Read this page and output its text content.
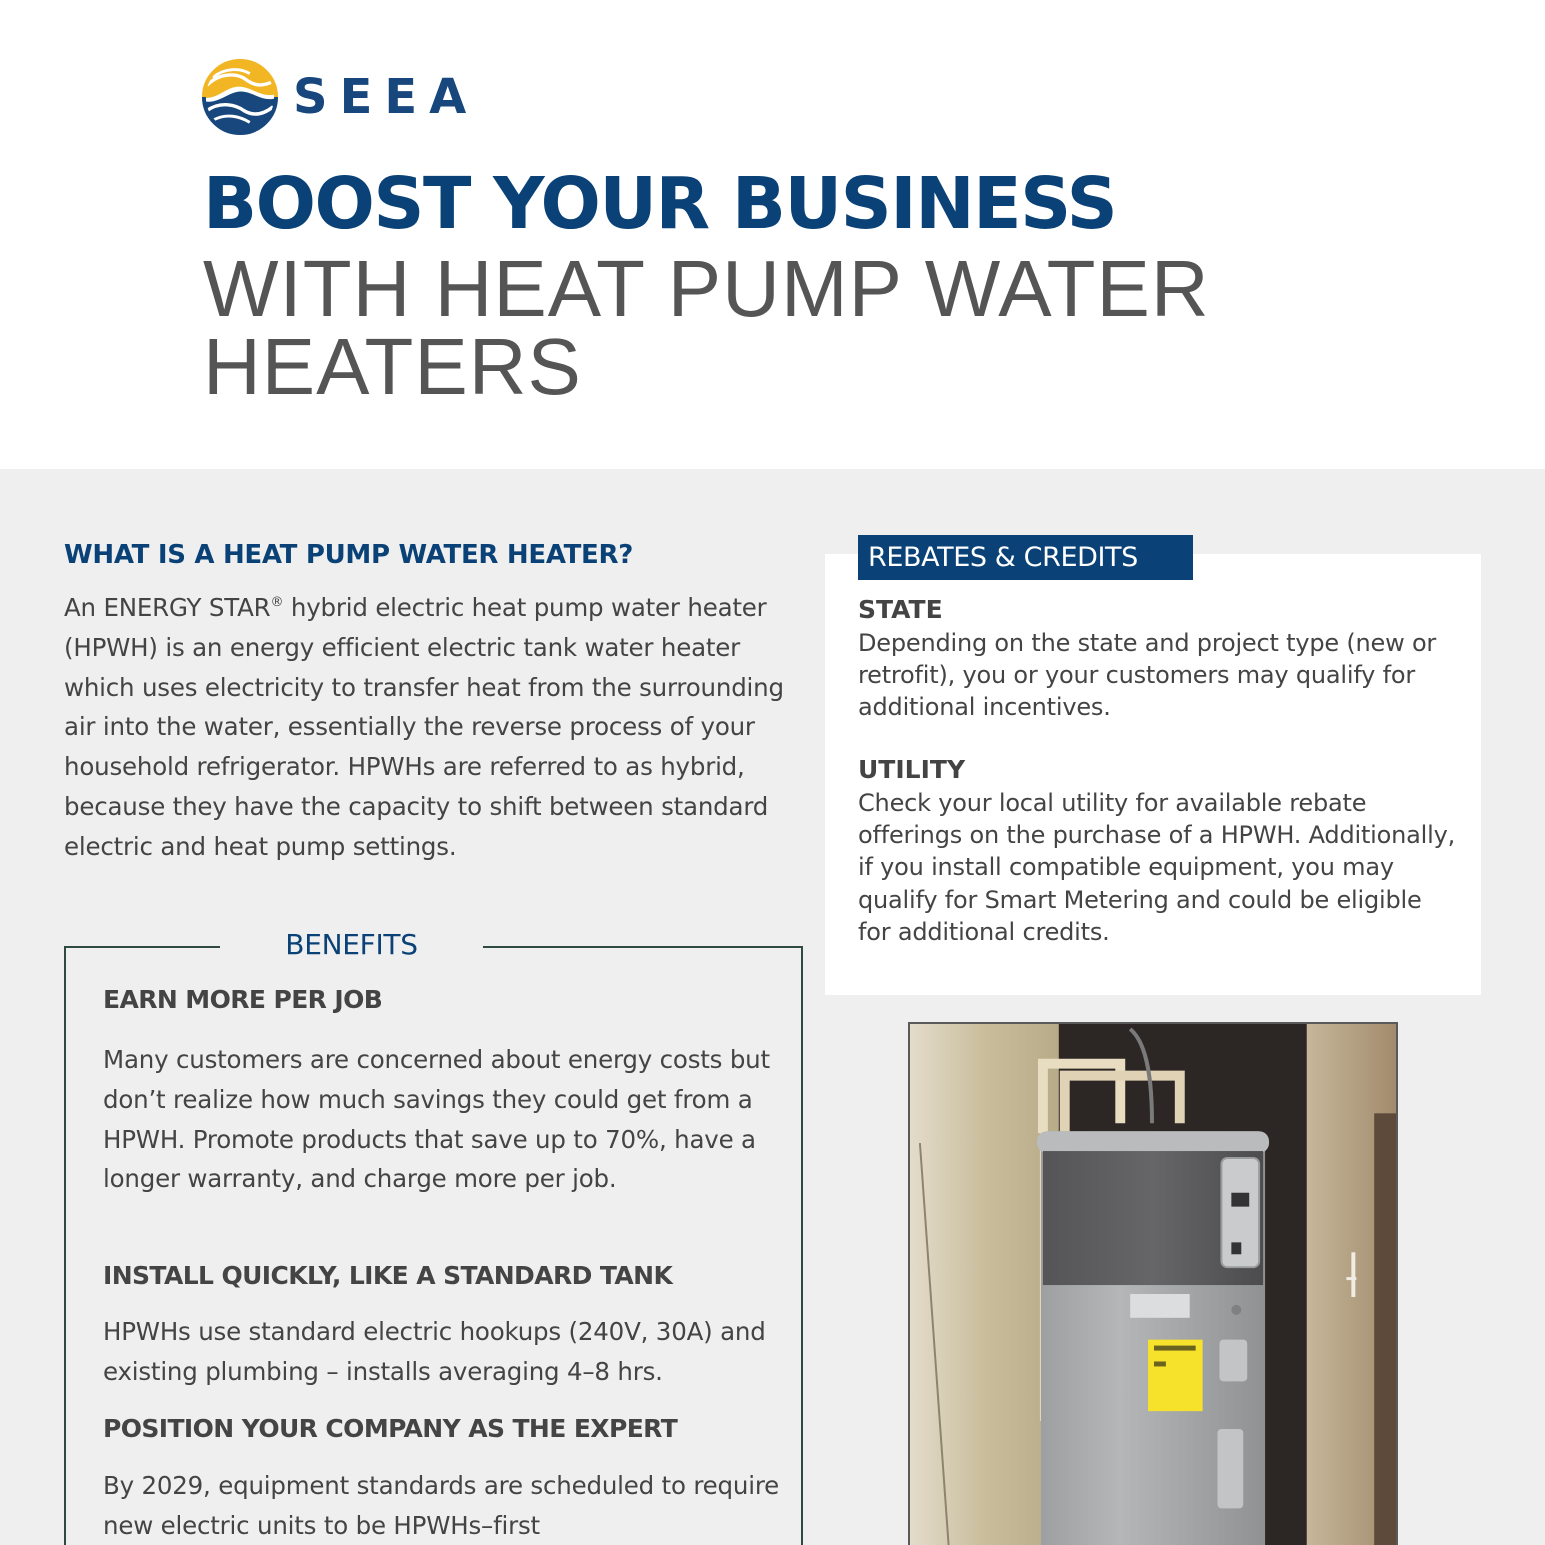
SEEA
BOOST YOUR BUSINESS
WITH HEAT PUMP WATER
HEATERS
WHAT IS A HEAT PUMP WATER HEATER?

An ENERGY STAR® hybrid electric heat pump water heater (HPWH) is an energy efficient electric tank water heater which uses electricity to transfer heat from the surrounding air into the water, essentially the reverse process of your household refrigerator. HPWHs are referred to as hybrid, because they have the capacity to shift between standard electric and heat pump settings.

BENEFITS
EARN MORE PER JOB

Many customers are concerned about energy costs but don’t realize how much savings they could get from a HPWH. Promote products that save up to 70%, have a longer warranty, and charge more per job.

INSTALL QUICKLY, LIKE A STANDARD TANK

HPWHs use standard electric hookups (240V, 30A) and existing plumbing – installs averaging 4–8 hrs.

POSITION YOUR COMPANY AS THE EXPERT

By 2029, equipment standards are scheduled to require new electric units to be HPWHs–first

REBATES & CREDITS
STATE

Depending on the state and project type (new or retrofit), you or your customers may qualify for additional incentives.

UTILITY

Check your local utility for available rebate offerings on the purchase of a HPWH. Additionally, if you install compatible equipment, you may qualify for Smart Metering and could be eligible for additional credits.
